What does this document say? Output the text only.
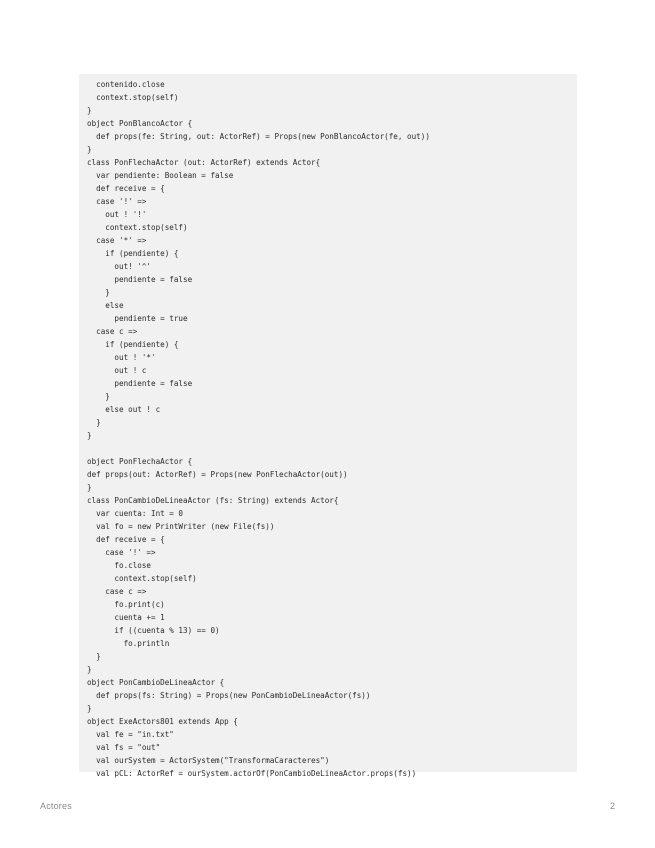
contenido.close
context.stop(self)
}
object PonBlancoActor {
def props(fe: String, out: ActorRef) = Props(new PonBlancoActor(fe, out))
}
class PonFlechaActor (out: ActorRef) extends Actor{
var pendiente: Boolean = false
def receive = {
case '!' =>
out ! '!'
context.stop(self)
case '*' =>
if (pendiente) {
out! '^'
pendiente = false
}
else
pendiente = true
case c =>
if (pendiente) {
out ! '*'
out ! c
pendiente = false
}
else out ! c
}
}
object PonFlechaActor {
def props(out: ActorRef) = Props(new PonFlechaActor(out))
}
class PonCambioDeLineaActor (fs: String) extends Actor{
var cuenta: Int = 0
val fo = new PrintWriter (new File(fs))
def receive = {
case '!' =>
fo.close
context.stop(self)
case c =>
fo.print(c)
cuenta += 1
if ((cuenta % 13) == 0)
fo.println
}
}
object PonCambioDeLineaActor {
def props(fs: String) = Props(new PonCambioDeLineaActor(fs))
}
object ExeActors801 extends App {
val fe = "in.txt"
val fs = "out"
val ourSystem = ActorSystem("TransformaCaracteres")
val pCL: ActorRef = ourSystem.actorOf(PonCambioDeLineaActor.props(fs))
Actores	2
